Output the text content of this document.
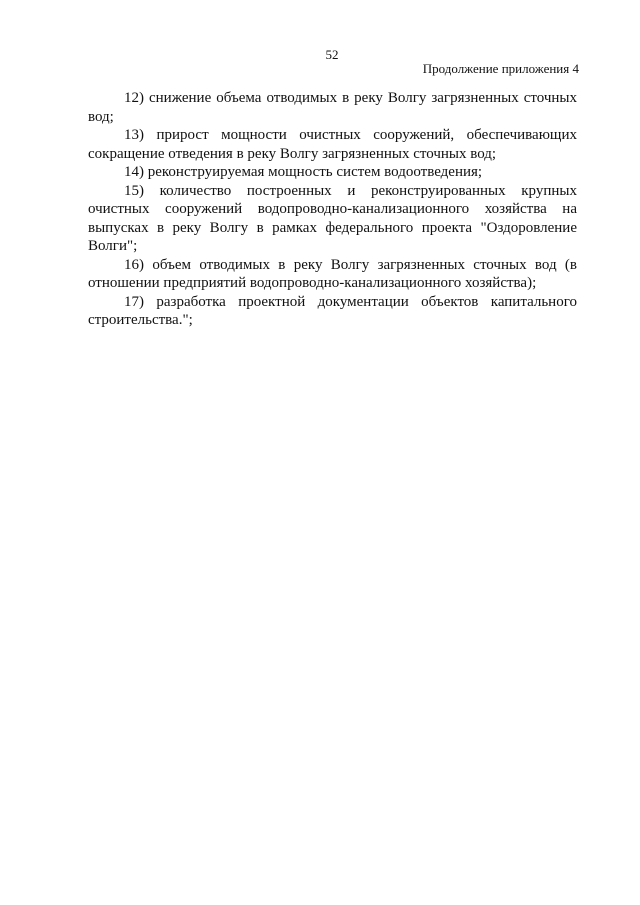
52
Продолжение приложения 4

12) снижение объема отводимых в реку Волгу загрязненных сточных вод;

13) прирост мощности очистных сооружений, обеспечивающих сокращение отведения в реку Волгу загрязненных сточных вод;

14) реконструируемая мощность систем водоотведения;

15) количество построенных и реконструированных крупных очистных сооружений водопроводно-канализационного хозяйства на выпусках в реку Волгу в рамках федерального проекта "Оздоровление Волги";

16) объем отводимых в реку Волгу загрязненных сточных вод (в отношении предприятий водопроводно-канализационного хозяйства);

17) разработка проектной документации объектов капитального строительства.";
